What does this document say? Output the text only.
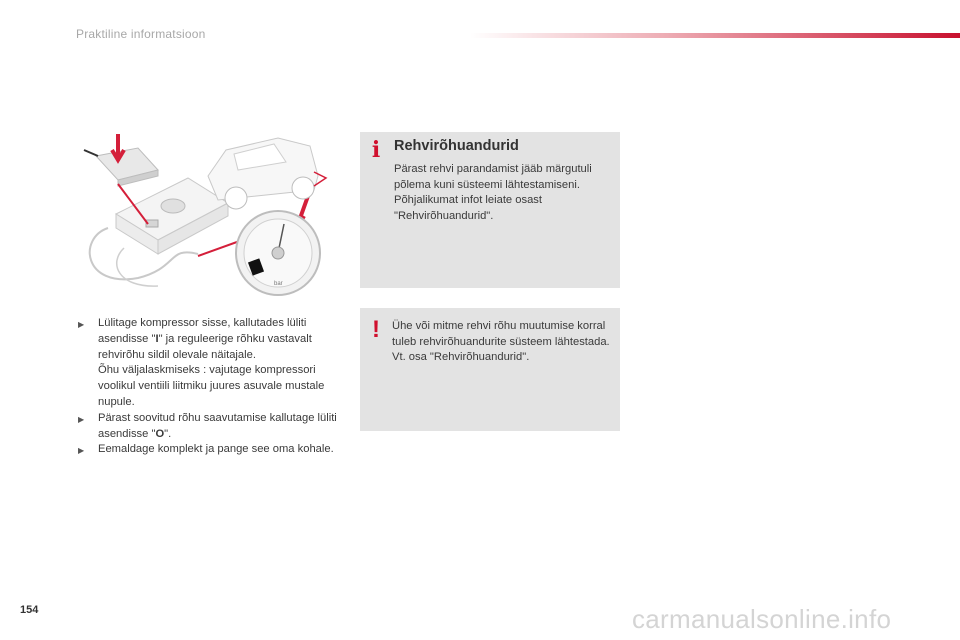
Praktiline informatsioon
bar
▶	Lülitage kompressor sisse, kallutades lüliti asendisse "I" ja reguleerige rõhku vastavalt rehvirõhu sildil olevale näitajale.
Õhu väljalaskmiseks : vajutage kompressori voolikul ventiili liitmiku juures asuvale mustale nupule.
▶	Pärast soovitud rõhu saavutamise kallutage lüliti asendisse "O".
▶	Eemaldage komplekt ja pange see oma kohale.
i Rehvirõhuandurid
Pärast rehvi parandamist jääb märgutuli põlema kuni süsteemi lähtestamiseni. Põhjalikumat infot leiate osast "Rehvirõhuandurid".
! Ühe või mitme rehvi rõhu muutumise korral tuleb rehvirõhuandurite süsteem lähtestada.
Vt. osa "Rehvirõhuandurid".
154	carmanualsonline.info
